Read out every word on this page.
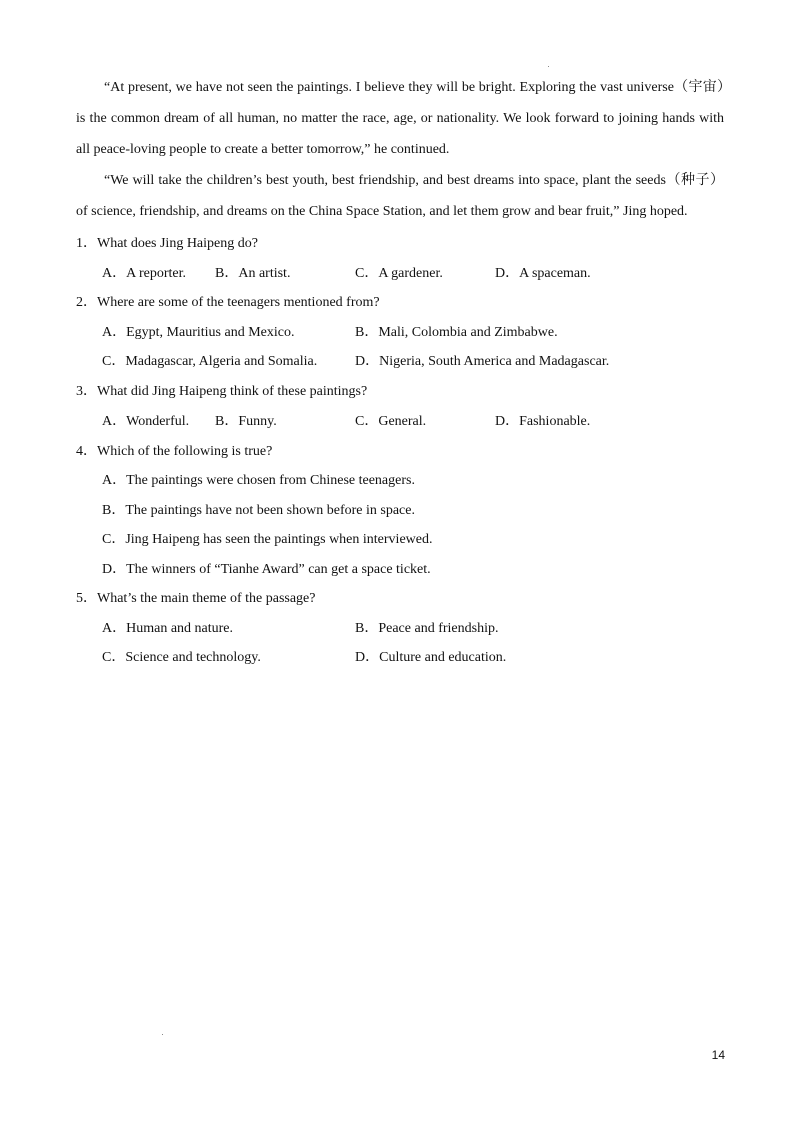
“At present, we have not seen the paintings. I believe they will be bright. Exploring the vast universe（宇宙）is the common dream of all human, no matter the race, age, or nationality. We look forward to joining hands with all peace-loving people to create a better tomorrow,” he continued.

“We will take the children’s best youth, best friendship, and best dreams into space, plant the seeds（种子）of science, friendship, and dreams on the China Space Station, and let them grow and bear fruit,” Jing hoped.

1．What does Jing Haipeng do?
A．A reporter. B．An artist.	C．A gardener.	D．A spaceman.
2．Where are some of the teenagers mentioned from?
A．Egypt, Mauritius and Mexico.	B．Mali, Colombia and Zimbabwe.
C．Madagascar, Algeria and Somalia.	D．Nigeria, South America and Madagascar.
3．What did Jing Haipeng think of these paintings?
A．Wonderful. B．Funny.	C．General.	D．Fashionable.
4．Which of the following is true?
A．The paintings were chosen from Chinese teenagers.
B．The paintings have not been shown before in space.
C．Jing Haipeng has seen the paintings when interviewed.
D．The winners of “Tianhe Award” can get a space ticket.
5．What’s the main theme of the passage?
A．Human and nature.	B．Peace and friendship.
C．Science and technology.	D．Culture and education.
14
